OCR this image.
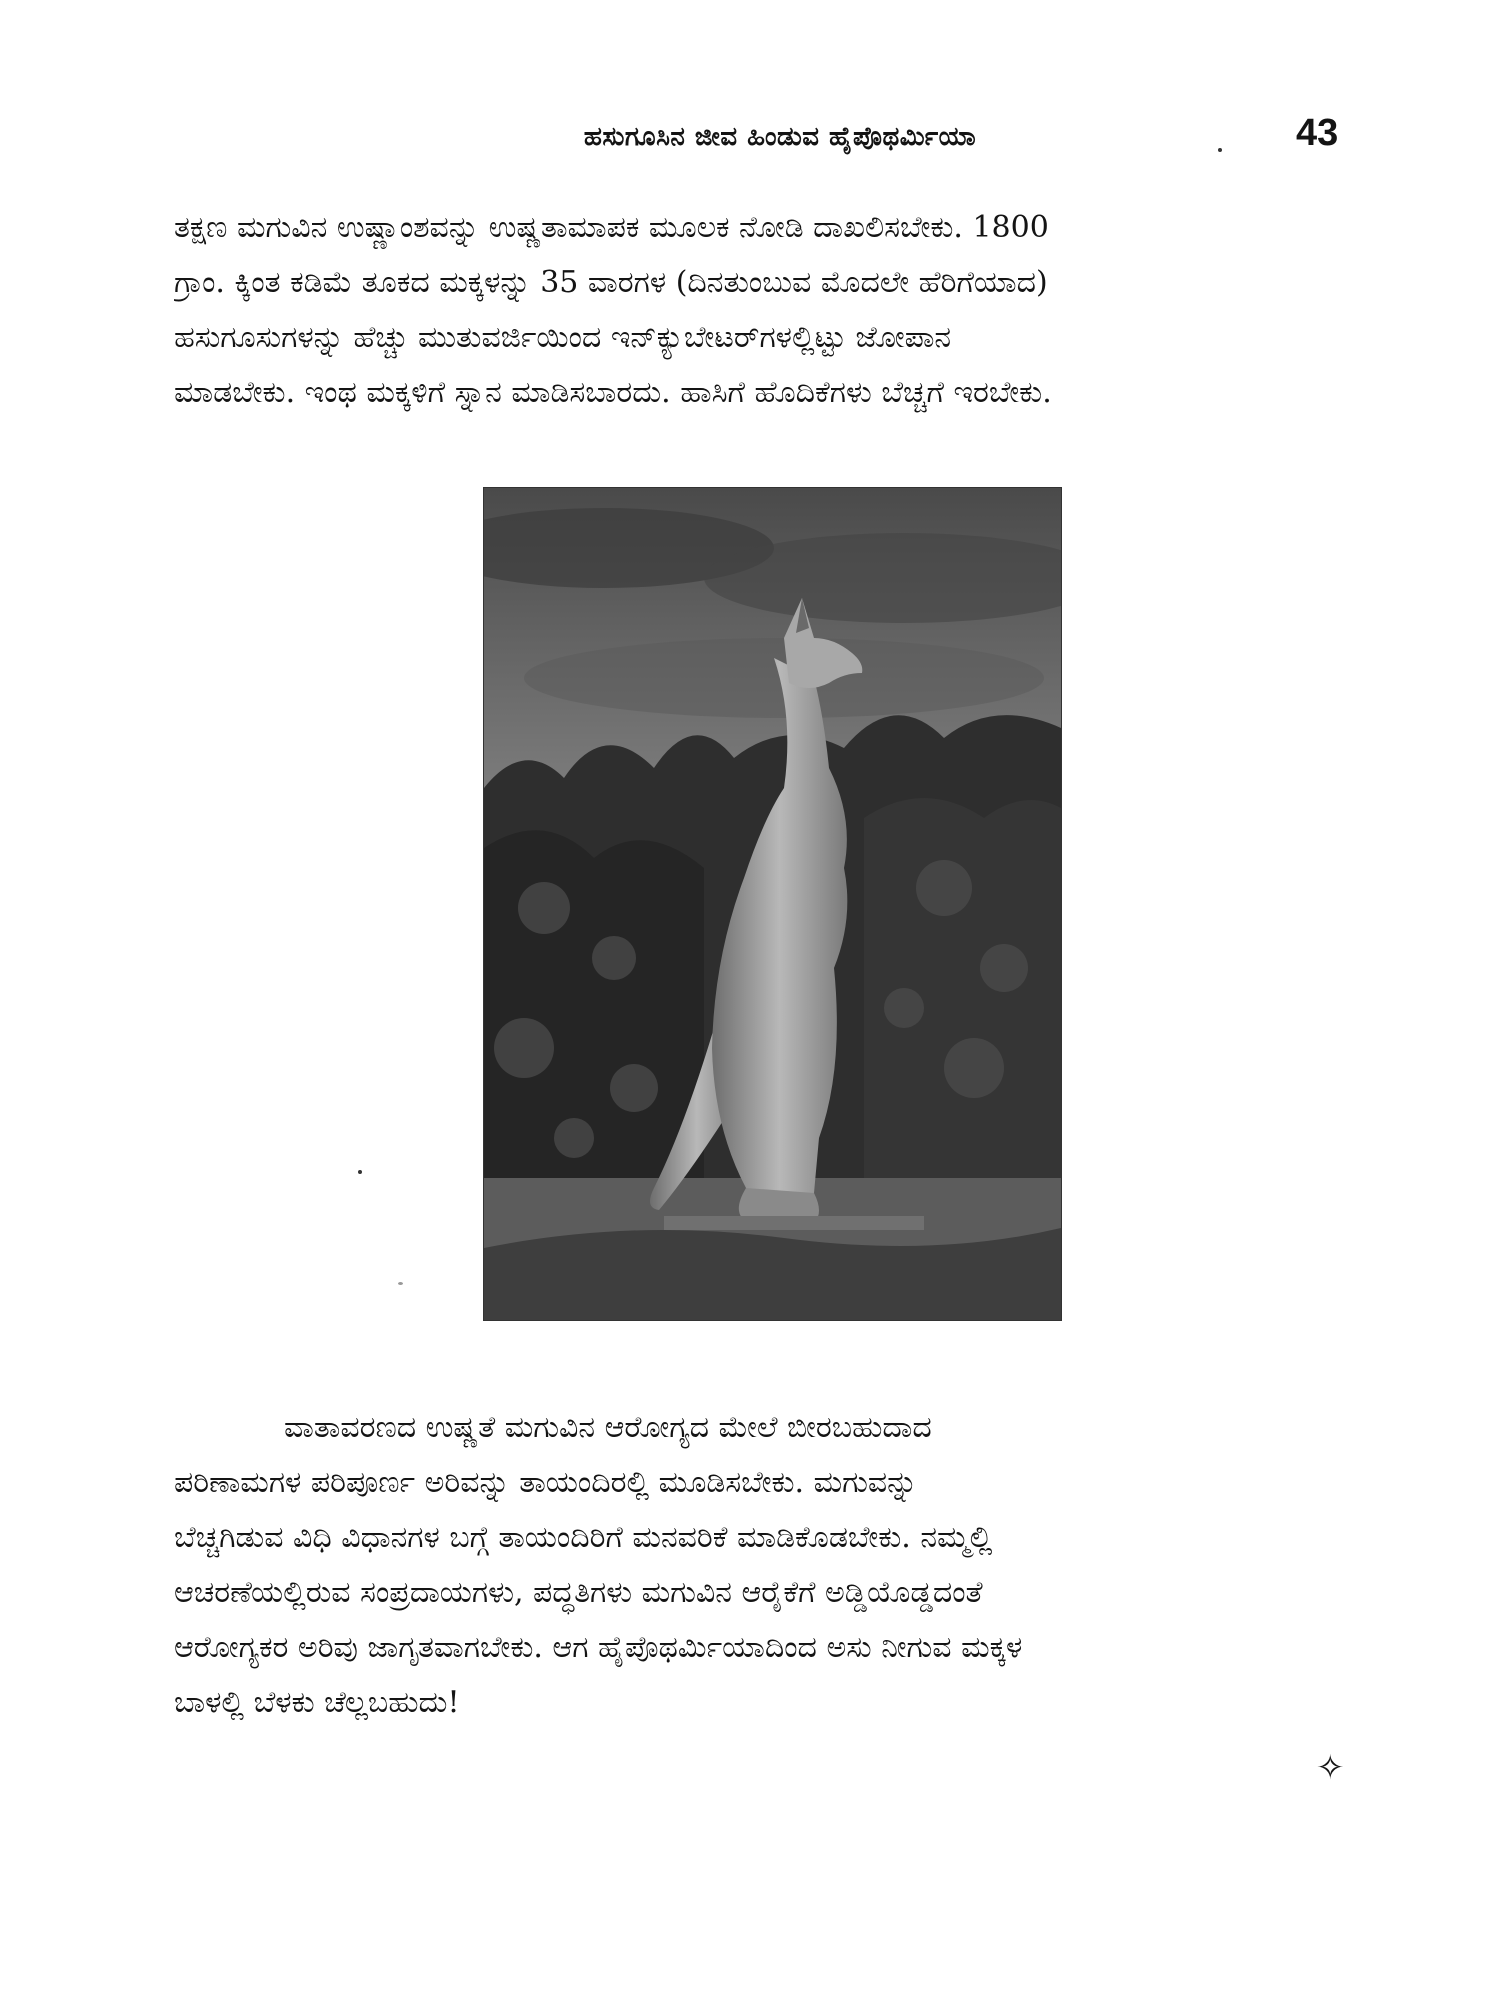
ಹಸುಗೂಸಿನ ಜೀವ ಹಿಂಡುವ ಹೈಪೊಥರ್ಮಿಯಾ	43
ತಕ್ಷಣ ಮಗುವಿನ ಉಷ್ಣಾಂಶವನ್ನು ಉಷ್ಣತಾಮಾಪಕ ಮೂಲಕ ನೋಡಿ ದಾಖಲಿಸಬೇಕು. 1800
ಗ್ರಾಂ. ಕ್ಕಿಂತ ಕಡಿಮೆ ತೂಕದ ಮಕ್ಕಳನ್ನು 35 ವಾರಗಳ (ದಿನತುಂಬುವ ಮೊದಲೇ ಹೆರಿಗೆಯಾದ)
ಹಸುಗೂಸುಗಳನ್ನು ಹೆಚ್ಚು ಮುತುವರ್ಜಿಯಿಂದ ಇನ್‌ಕ್ಯುಬೇಟರ್‌ಗಳಲ್ಲಿಟ್ಟು ಜೋಪಾನ
ಮಾಡಬೇಕು. ಇಂಥ ಮಕ್ಕಳಿಗೆ ಸ್ನಾನ ಮಾಡಿಸಬಾರದು. ಹಾಸಿಗೆ ಹೊದಿಕೆಗಳು ಬೆಚ್ಚಗೆ ಇರಬೇಕು.
ವಾತಾವರಣದ ಉಷ್ಣತೆ ಮಗುವಿನ ಆರೋಗ್ಯದ ಮೇಲೆ ಬೀರಬಹುದಾದ
ಪರಿಣಾಮಗಳ ಪರಿಪೂರ್ಣ ಅರಿವನ್ನು ತಾಯಂದಿರಲ್ಲಿ ಮೂಡಿಸಬೇಕು. ಮಗುವನ್ನು
ಬೆಚ್ಚಗಿಡುವ ವಿಧಿ ವಿಧಾನಗಳ ಬಗ್ಗೆ ತಾಯಂದಿರಿಗೆ ಮನವರಿಕೆ ಮಾಡಿಕೊಡಬೇಕು. ನಮ್ಮಲ್ಲಿ
ಆಚರಣೆಯಲ್ಲಿರುವ ಸಂಪ್ರದಾಯಗಳು, ಪದ್ಧತಿಗಳು ಮಗುವಿನ ಆರೈಕೆಗೆ ಅಡ್ಡಿಯೊಡ್ಡದಂತೆ
ಆರೋಗ್ಯಕರ ಅರಿವು ಜಾಗೃತವಾಗಬೇಕು. ಆಗ ಹೈಪೊಥರ್ಮಿಯಾದಿಂದ ಅಸು ನೀಗುವ ಮಕ್ಕಳ
ಬಾಳಲ್ಲಿ ಬೆಳಕು ಚೆಲ್ಲಬಹುದು!
✧
